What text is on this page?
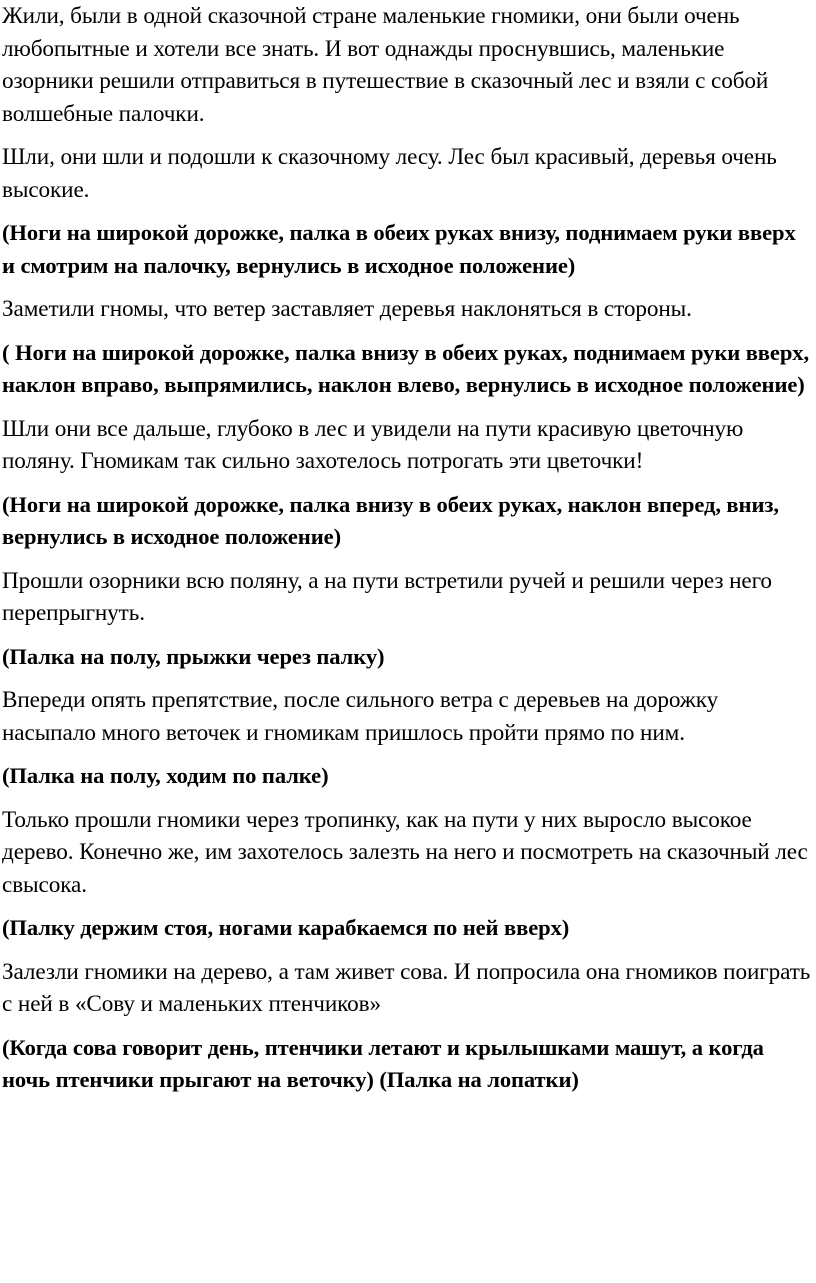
Жили, были в одной сказочной стране маленькие гномики, они были очень любопытные и хотели все знать. И вот однажды проснувшись, маленькие озорники решили отправиться в путешествие в сказочный лес и взяли с собой волшебные палочки.

Шли, они шли и подошли к сказочному лесу. Лес был красивый, деревья очень высокие.

(Ноги на широкой дорожке, палка в обеих руках внизу, поднимаем руки вверх и смотрим на палочку, вернулись в исходное положение)

Заметили гномы, что ветер заставляет деревья наклоняться в стороны.

( Ноги на широкой дорожке, палка внизу в обеих руках, поднимаем руки вверх, наклон вправо, выпрямились, наклон влево, вернулись в исходное положение)

Шли они все дальше, глубоко в лес и увидели на пути красивую цветочную поляну. Гномикам так сильно захотелось потрогать эти цветочки!

(Ноги на широкой дорожке, палка внизу в обеих руках, наклон вперед, вниз, вернулись в исходное положение)

Прошли озорники всю поляну, а на пути встретили ручей и решили через него перепрыгнуть.

(Палка на полу, прыжки через палку)

Впереди опять препятствие, после сильного ветра с деревьев на дорожку насыпало много веточек и гномикам пришлось пройти прямо по ним.

(Палка на полу, ходим по палке)

Только прошли гномики через тропинку, как на пути у них выросло высокое дерево. Конечно же, им захотелось залезть на него и посмотреть на сказочный лес свысока.

(Палку держим стоя, ногами карабкаемся по ней вверх)

Залезли гномики на дерево, а там живет сова. И попросила она гномиков поиграть с ней в «Сову и маленьких птенчиков»

(Когда сова говорит день, птенчики летают и крылышками машут, а когда ночь птенчики прыгают на веточку) (Палка на лопатки)
